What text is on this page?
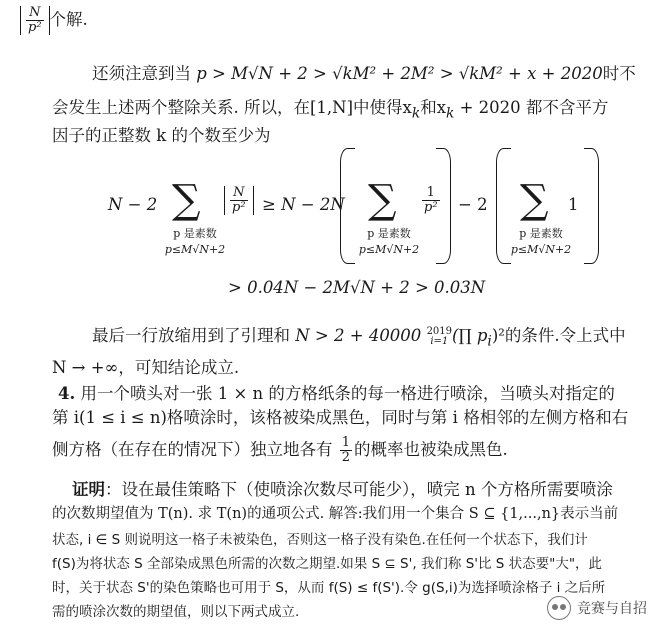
$\frac{N}{\text{p²}}$ 个解.
还须注意到当 p > M√N + 2 > √kM² + 2M² > √kM² + x + 2020时不
会发生上述两个整除关系. 所以，在[1,N]中使得$x_k$和$x_k + 2020$ 都不含平方
因子的正整数 k 的个数至少为
N − 2 ∑
p 是素数
p≤M√N+2
$\frac{N}{\text{p²}} \ge N - 2N$ ∑
p 是素数
p≤M√N+2
$\frac{1}{\text{p²}} - 2$ ∑
p 是素数
p≤M√N+2
1
> 0.04N − 2M√N + 2 > 0.03N
最后一行放缩用到了引理和 N > 2 + 40000 2019
i=1 (∏ $p_i)^2$的条件.令上式中
N → +∞，可知结论成立.
4. 用一个喷头对一张 1 × n 的方格纸条的每一格进行喷涂，当喷头对指定的
第 i(1 ≤ i ≤ n)格喷涂时，该格被染成黑色，同时与第 i 格相邻的左侧方格和右
侧方格（在存在的情况下）独立地各有 $\frac{1}{2}$ 的概率也被染成黑色.
证明：设在最佳策略下（使喷涂次数尽可能少），喷完 n 个方格所需要喷涂
的次数期望值为 T(n). 求 T(n)的通项公式. 解答:我们用一个集合 S ⊆ {1,...,n}表示当前
状态, i ∈ S 则说明这一格子未被染色，否则这一格子没有染色.在任何一个状态下，我们计
f(S)为将状态 S 全部染成黑色所需的次数之期望.如果 S ⊆ S', 我们称 S'比 S 状态要"大"，此
时，关于状态 S'的染色策略也可用于 S，从而 f(S) ≤ f(S').令 g(S,i)为选择喷涂格子 i 之后所
需的喷涂次数的期望值，则以下两式成立.	竞赛与自招
